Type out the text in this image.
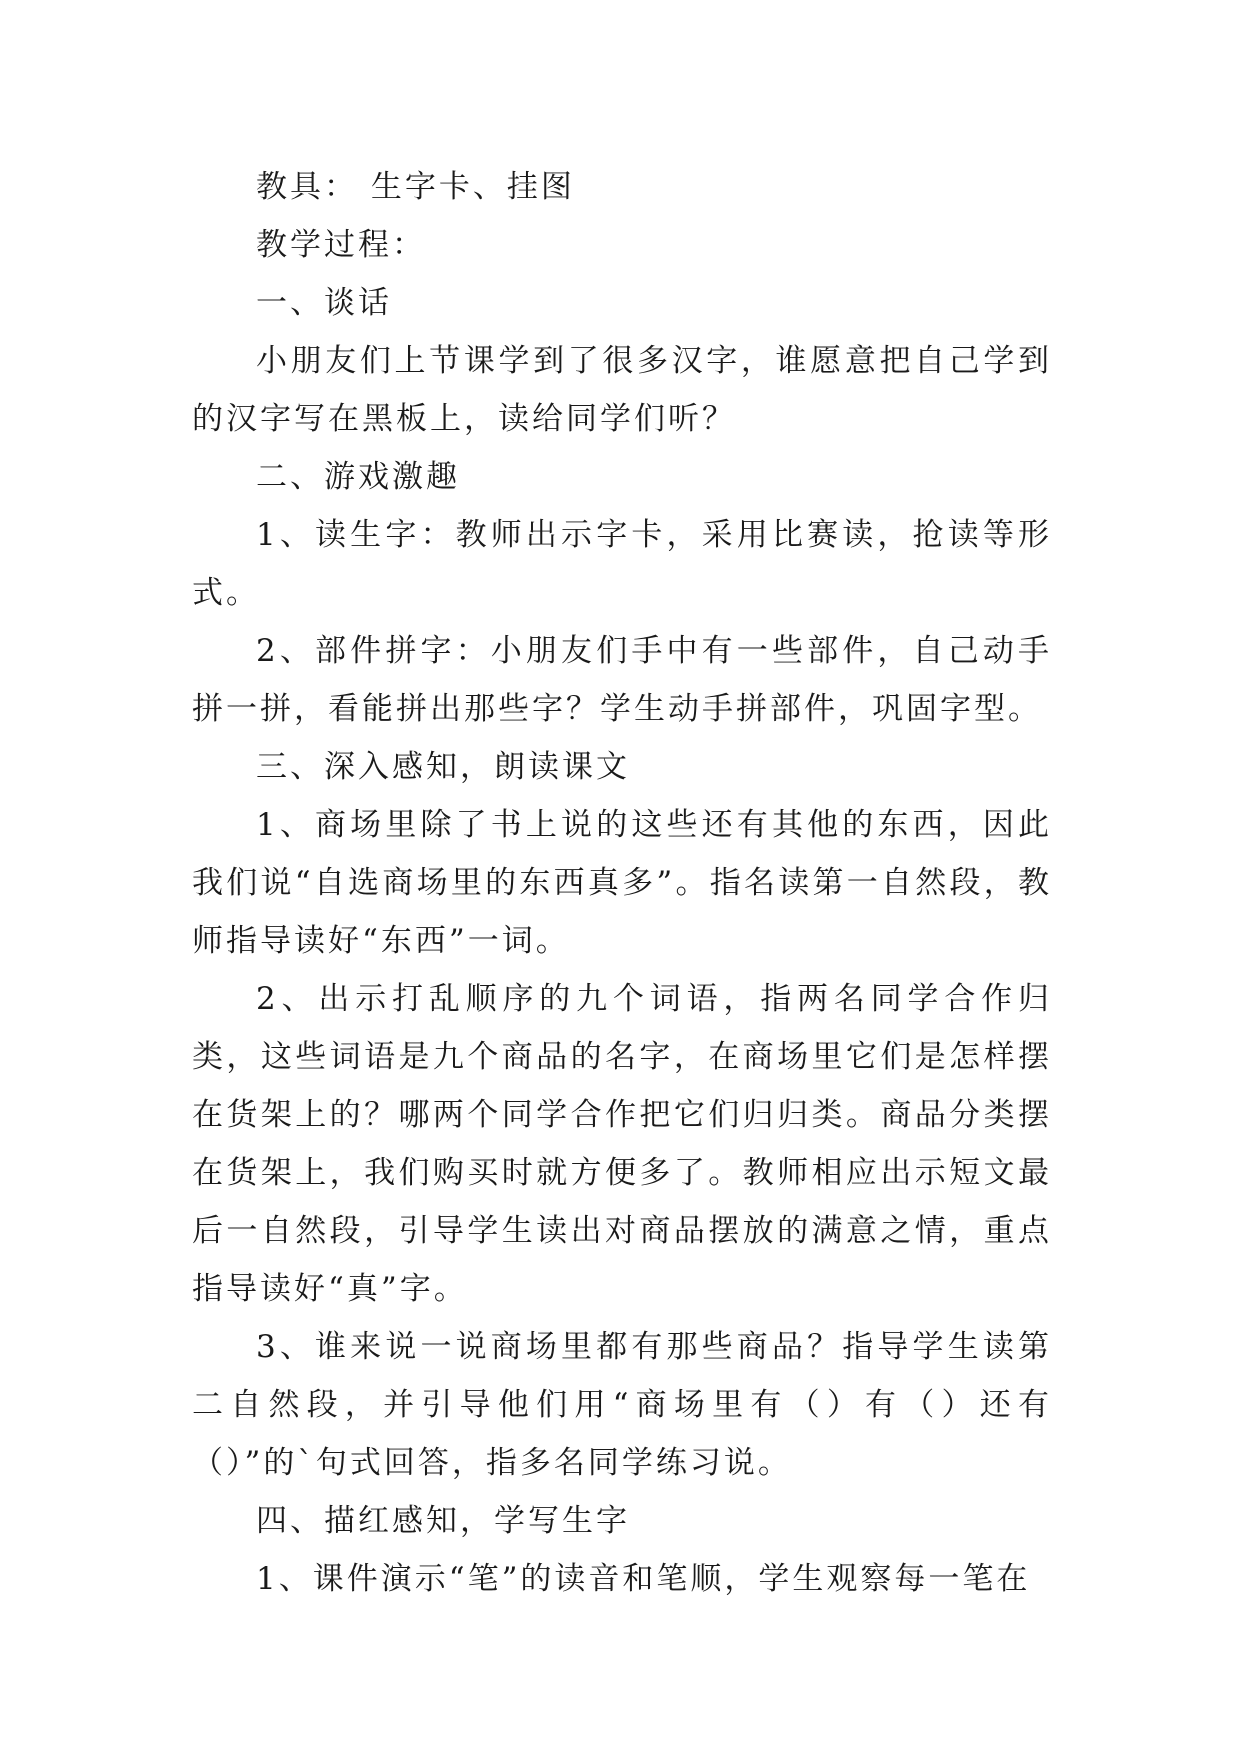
教具： 生字卡、挂图

教学过程：

一、谈话

小朋友们上节课学到了很多汉字，谁愿意把自己学到的汉字写在黑板上，读给同学们听？

二、游戏激趣

1、读生字：教师出示字卡，采用比赛读，抢读等形式。

2、部件拼字：小朋友们手中有一些部件，自己动手拼一拼，看能拼出那些字？学生动手拼部件，巩固字型。

三、深入感知，朗读课文

1、商场里除了书上说的这些还有其他的东西，因此我们说“自选商场里的东西真多”。指名读第一自然段，教师指导读好“东西”一词。

2、出示打乱顺序的九个词语，指两名同学合作归类，这些词语是九个商品的名字，在商场里它们是怎样摆在货架上的？哪两个同学合作把它们归归类。商品分类摆在货架上，我们购买时就方便多了。教师相应出示短文最后一自然段，引导学生读出对商品摆放的满意之情，重点指导读好“真”字。

3、谁来说一说商场里都有那些商品？指导学生读第二自然段，并引导他们用“商场里有（）有（）还有（）”的`句式回答，指多名同学练习说。

四、描红感知，学写生字

1、课件演示“笔”的读音和笔顺，学生观察每一笔在
